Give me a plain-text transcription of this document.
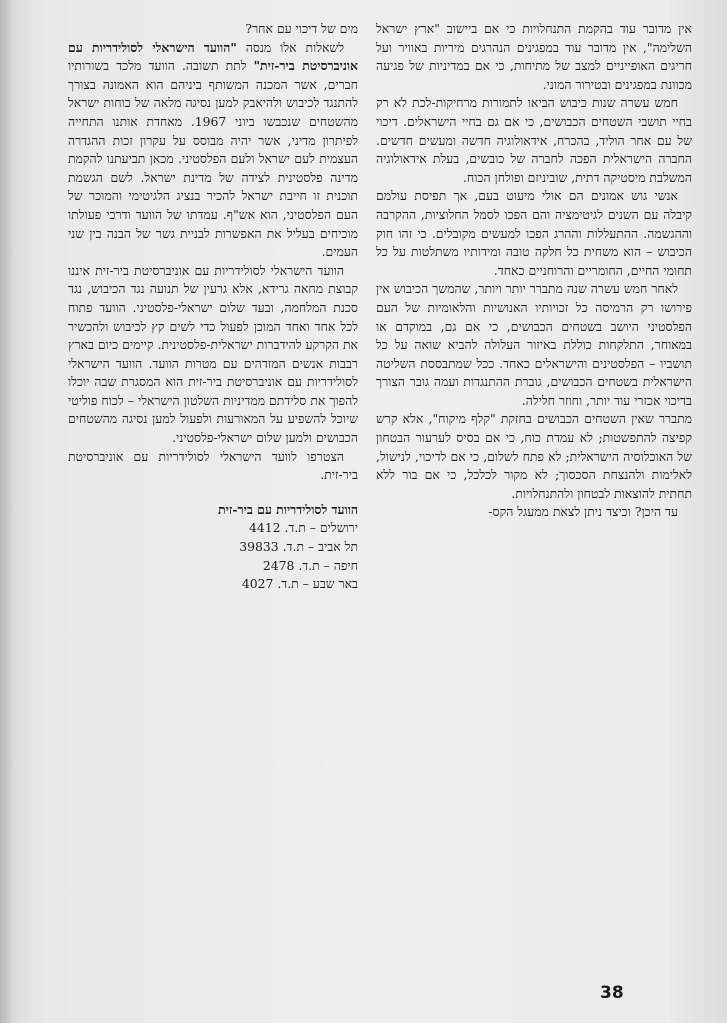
אין מדובר עוד בהקמת התנחלויות כי אם ביישוב "ארץ ישראל השלימה", אין מדובר עוד במפגינים הנהרגים מיריות באוויר ועל חריגים האופייניים למצב של מתיחות, כי אם במדיניות של פגיעה מכוונת במפגינים ובטירור המוני.

חמש עשרה שנות כיבוש הביאו לתמורות מרחיקות-לכת לא רק בחיי תושבי השטחים הכבושים, כי אם גם בחיי הישראלים. דיכוי של עם אחר הוליד, בהכרח, אידאולוגיה חדשה ומעשים חדשים. החברה הישראלית הפכה לחברה של כובשים, בעלת אידאולוגיה המשלבת מיסטיקה דתית, שוביניזם ופולחן הכוח.

אנשי גוש אמונים הם אולי מיעוט בעם, אך תפיסת עולמם קיבלה עם השנים לגיטימציה והם הפכו לסמל החלוציות, ההקרבה וההגשמה. ההתעללות וההרג הפכו למעשים מקובלים. כי זהו חוק הכיבוש – הוא משחית כל חלקה טובה ומידותיו משתלטות על כל תחומי החיים, החומריים והרוחניים כאחד.

לאחר חמש עשרה שנה מתברר יותר ויותר, שהמשך הכיבוש אין פירושו רק הרמיסה כל זכויותיו האנושיות והלאומיות של העם הפלסטיני היושב בשטחים הכבושים, כי אם גם, במוקדם או במאוחר, התלקחות כוללת באיזור העלולה להביא שואה על כל תושביו – הפלסטינים והישראלים כאחד. ככל שמתבססת השליטה הישראלית בשטחים הכבושים, גוברת ההתנגדות ועמה גובר הצורך בדיכוי אכזרי עוד יותר, וחוזר חלילה.

מתברר שאין השטחים הכבושים בחזקת "קלף מיקוח", אלא קרש קפיצה להתפשטות; לא עמדת כוח, כי אם בסיס לערעור הבטחון של האוכלוסיה הישראלית; לא פתח לשלום, כי אם לדיכוי, לנישול, לאלימות ולהנצחת הסכסוך; לא מקור לכלכל, כי אם בור ללא תחתית להוצאות לבטחון ולהתנחלויות.

עד היכן? וכיצד ניתן לצאת ממעגל הקס-

מים של דיכוי עם אחר?

לשאלות אלו מנסה "הוועד הישראלי לסולידריות עם אוניברסיטת ביר-זית" לתת תשובה. הוועד מלכד בשורותיו חברים, אשר המכנה המשותף ביניהם הוא האמונה בצורך להתנגד לכיבוש ולהיאבק למען נסיגה מלאה של כוחות ישראל מהשטחים שנכבשו ביוני 1967. מאחדת אותנו התחייה לפיתרון מדיני, אשר יהיה מבוסס על עקרון זכות ההגדרה העצמית לעם ישראל ולעם הפלסטיני. מכאן תביעתנו להקמת מדינה פלסטינית לצידה של מדינת ישראל. לשם הגשמת תוכנית זו חייבת ישראל להכיר בנציג הלגיטימי והמוכר של העם הפלסטיני, הוא אש"ף. עמדתו של הוועד ודרכי פעולתו מוכיחים בעליל את האפשרות לבניית גשר של הבנה בין שני העמים.

הוועד הישראלי לסולידריות עם אוניברסיטת ביר-זית איננו קבוצת מחאה גרידא, אלא גרעין של תנועה נגד הכיבוש, נגד סכנת המלחמה, ובעד שלום ישראלי-פלסטיני. הוועד פתוח לכל אחד ואחד המוכן לפעול כדי לשים קץ לכיבוש ולהכשיר את הקרקע להידברות ישראלית-פלסטינית. קיימים כיום בארץ רבבות אנשים המזדהים עם מטרות הוועד. הוועד הישראלי לסולידריות עם אוניברסיטת ביר-זית הוא המסגרת שבה יוכלו להפוך את סלידתם ממדיניות השלטון הישראלי – לכוח פוליטי שיוכל להשפיע על המאורעות ולפעול למען נסיגה מהשטחים הכבושים ולמען שלום ישראלי-פלסטיני.

הצטרפו לוועד הישראלי לסולידריות עם אוניברסיטת ביר-זית.

הוועד לסולידריות עם ביר-זית
ירושלים – ת.ד. 4412
תל אביב – ת.ד. 39833
חיפה – ת.ד. 2478
באר שבע – ת.ד. 4027
38
